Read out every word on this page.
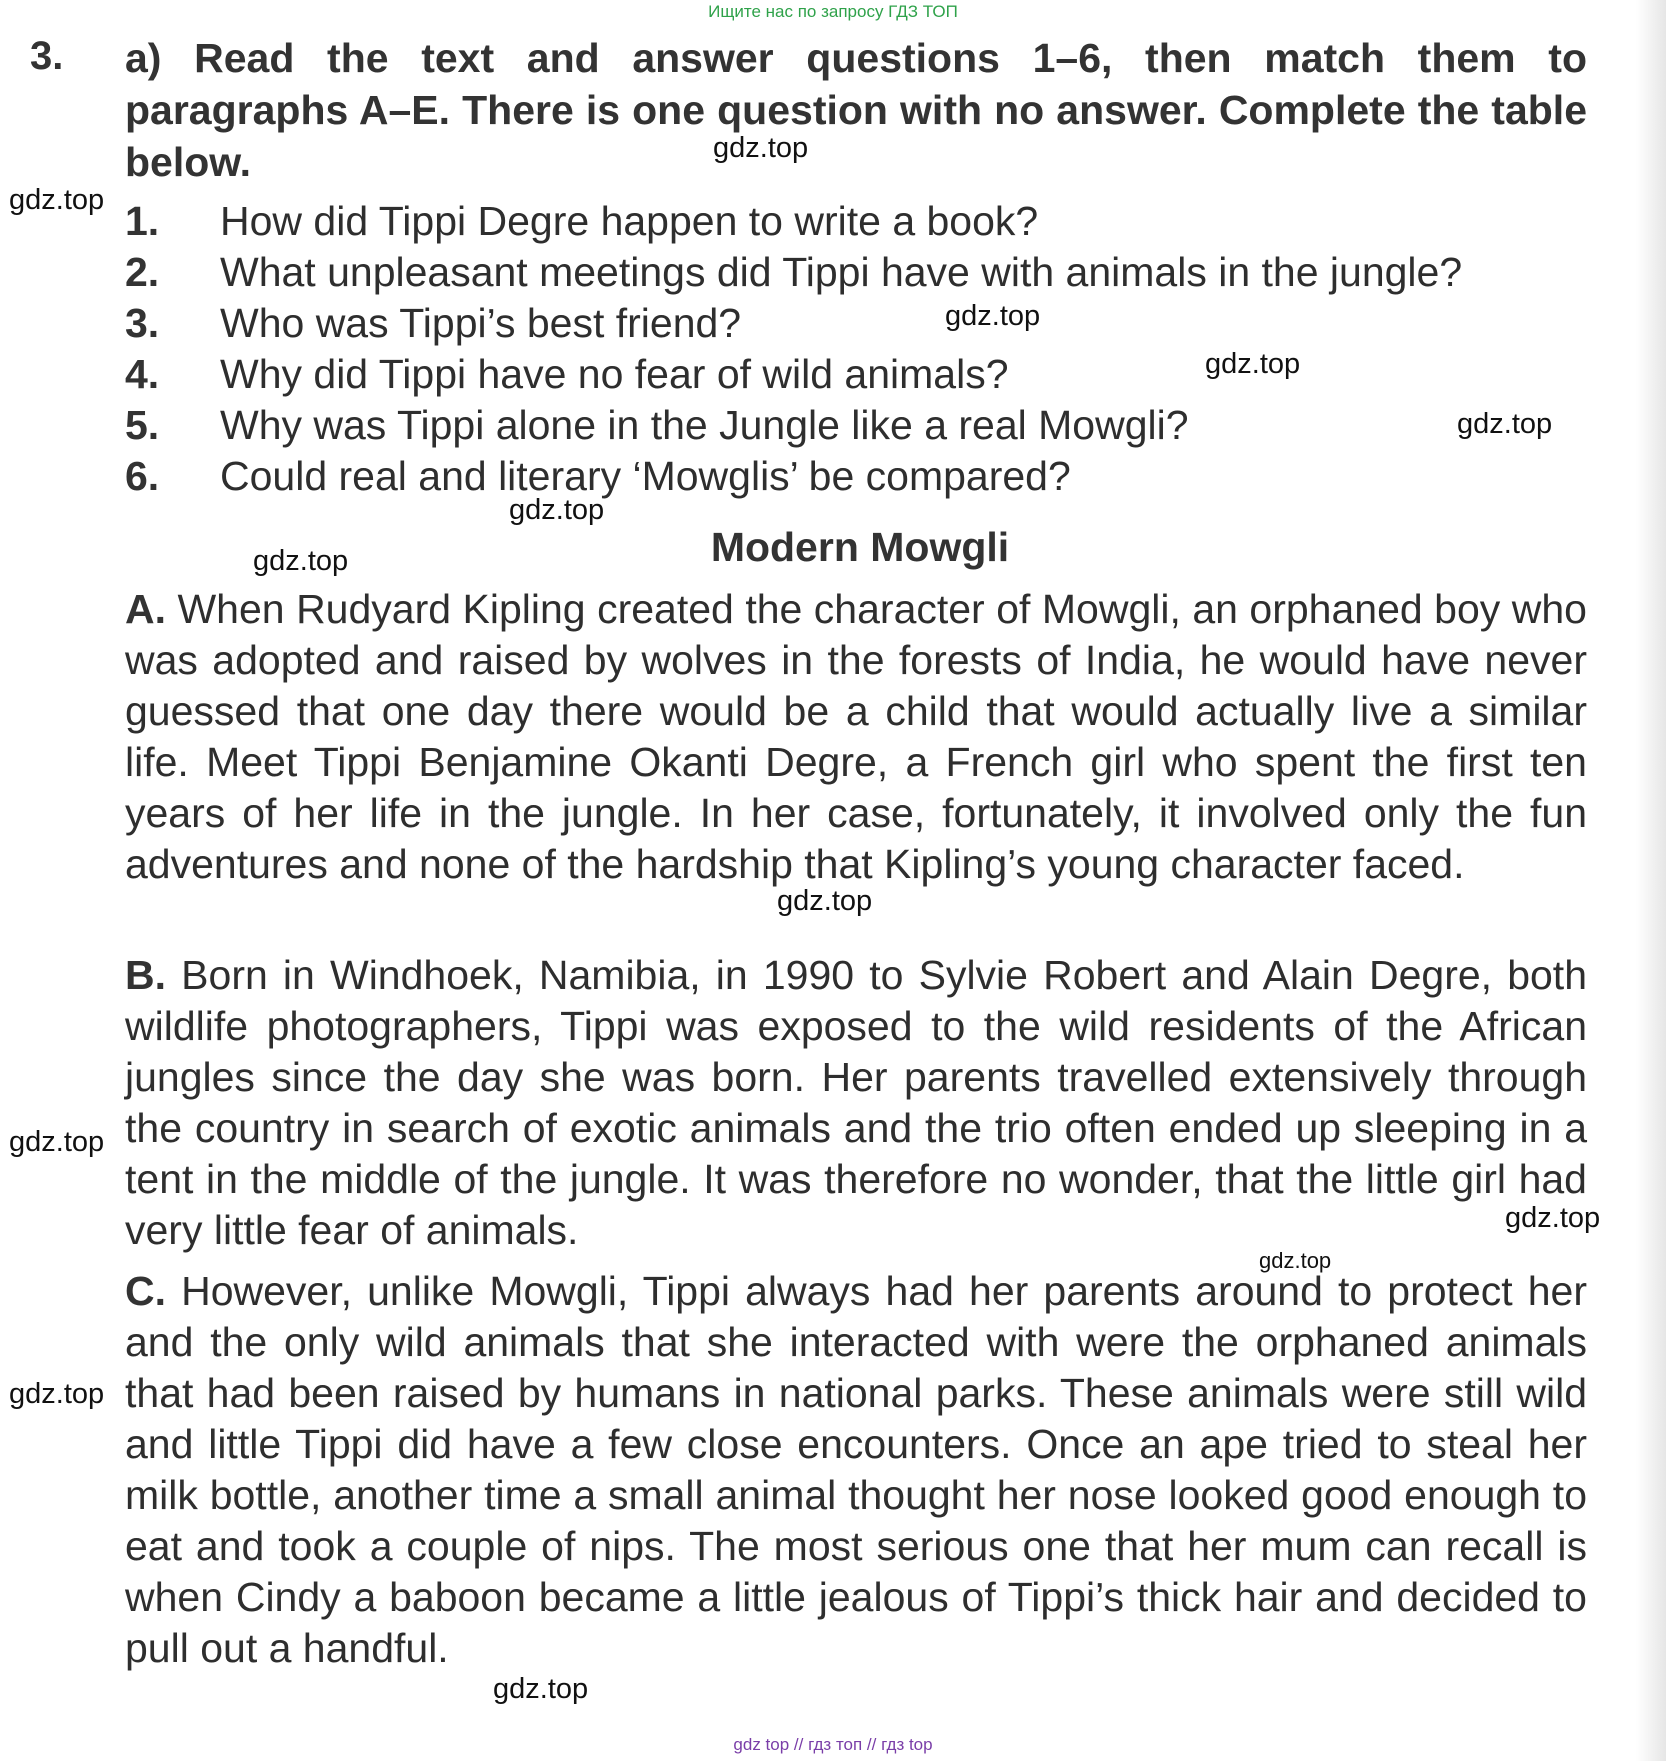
Ищите нас по запросу ГДЗ ТОП
3. a) Read the text and answer questions 1–6, then match them to paragraphs A–E. There is one question with no answer. Complete the table below.
1. How did Tippi Degre happen to write a book?
2. What unpleasant meetings did Tippi have with animals in the jungle?
3. Who was Tippi’s best friend?
4. Why did Tippi have no fear of wild animals?
5. Why was Tippi alone in the Jungle like a real Mowgli?
6. Could real and literary ‘Mowglis’ be compared?
Modern Mowgli

A. When Rudyard Kipling created the character of Mowgli, an orphaned boy who was adopted and raised by wolves in the forests of India, he would have never guessed that one day there would be a child that would actually live a similar life. Meet Tippi Benjamine Okanti Degre, a French girl who spent the first ten years of her life in the jungle. In her case, fortunately, it involved only the fun adventures and none of the hardship that Kipling’s young character faced.

B. Born in Windhoek, Namibia, in 1990 to Sylvie Robert and Alain Degre, both wildlife photographers, Tippi was exposed to the wild residents of the African jungles since the day she was born. Her parents travelled extensively through the country in search of exotic animals and the trio often ended up sleeping in a tent in the middle of the jungle. It was therefore no wonder, that the little girl had very little fear of animals.

C. However, unlike Mowgli, Tippi always had her parents around to protect her and the only wild animals that she interacted with were the orphaned animals that had been raised by humans in national parks. These animals were still wild and little Tippi did have a few close encounters. Once an ape tried to steal her milk bottle, another time a small animal thought her nose looked good enough to eat and took a couple of nips. The most serious one that her mum can recall is when Cindy a baboon became a little jealous of Tippi’s thick hair and decided to pull out a handful.

gdz.top
gdz.top
gdz.top
gdz.top
gdz.top
gdz.top
gdz.top
gdz.top
gdz.top
gdz.top
gdz.top
gdz.top
gdz.top
gdz top // гдз топ // гдз top
